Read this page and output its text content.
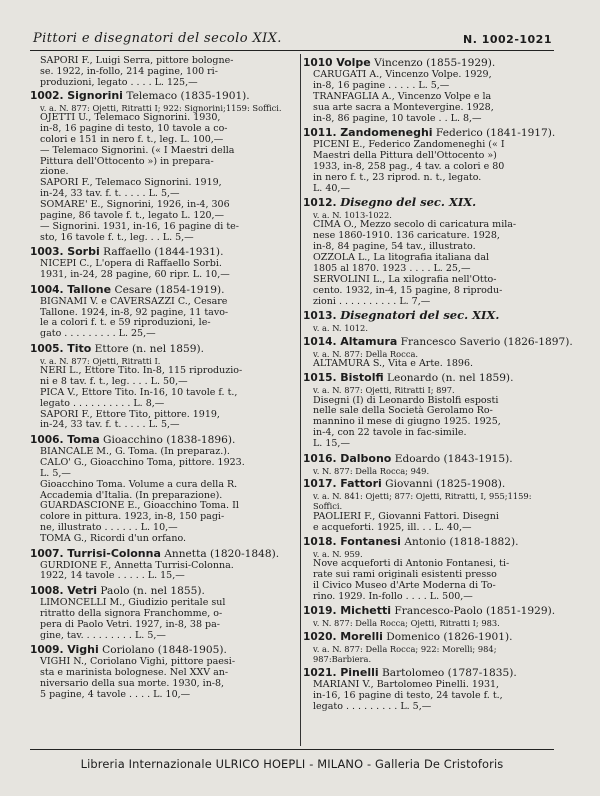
Pittori e disegnatori del secolo XIX.	N. 1002-1021
SAPORI F., Luigi Serra, pittore bologne-
se. 1922, in-follo, 214 pagine, 100 ri-
produzioni, legato . . . . L. 125,—
1002. Signorini Telemaco (1835-1901).
v. a. N. 877: Ojetti, Ritratti I; 922: Signorini;1159: Soffici.
OJETTI U., Telemaco Signorini. 1930,
in-8, 16 pagine di testo, 10 tavole a co-
colori e 151 in nero f. t., leg. L. 100,—
— Telemaco Signorini. (« I Maestri della
Pittura dell'Ottocento ») in prepara-
zione.
SAPORI F., Telemaco Signorini. 1919,
in-24, 33 tav. f. t. . . . . L. 5,—
SOMARE' E., Signorini, 1926, in-4, 306
pagine, 86 tavole f. t., legato L. 120,—
— Signorini. 1931, in-16, 16 pagine di te-
sto, 16 tavole f. t., leg. . . L. 5,—
1003. Sorbi Raffaello (1844-1931).
NICEPI C., L'opera di Raffaello Sorbi.
1931, in-24, 28 pagine, 60 ripr. L. 10,—
1004. Tallone Cesare (1854-1919).
BIGNAMI V. e CAVERSAZZI C., Cesare
Tallone. 1924, in-8, 92 pagine, 11 tavo-
le a colori f. t. e 59 riproduzioni, le-
gato . . . . . . . . . L. 25,—
1005. Tito Ettore (n. nel 1859).
v. a. N. 877: Ojetti, Ritratti I.
NERI L., Ettore Tito. In-8, 115 riproduzio-
ni e 8 tav. f. t., leg. . . . L. 50,—
PICA V., Ettore Tito. In-16, 10 tavole f. t.,
legato . . . . . . . . . . L. 8,—
SAPORI F., Ettore Tito, pittore. 1919,
in-24, 33 tav. f. t. . . . . L. 5,—
1006. Toma Gioacchino (1838-1896).
BIANCALE M., G. Toma. (In preparaz.).
CALO' G., Gioacchino Toma, pittore. 1923.
L. 5,—
Gioacchino Toma. Volume a cura della R.
Accademia d'Italia. (In preparazione).
GUARDASCIONE E., Gioacchino Toma. Il
colore in pittura. 1923, in-8, 150 pagi-
ne, illustrato . . . . . . L. 10,—
TOMA G., Ricordi d'un orfano.
1007. Turrisi-Colonna Annetta (1820-1848).
GURDIONE F., Annetta Turrisi-Colonna.
1922, 14 tavole . . . . . L. 15,—
1008. Vetri Paolo (n. nel 1855).
LIMONCELLI M., Giudizio peritale sul
ritratto della signora Franchomme, o-
pera di Paolo Vetri. 1927, in-8, 38 pa-
gine, tav. . . . . . . . . L. 5,—
1009. Vighi Coriolano (1848-1905).
VIGHI N., Coriolano Vighi, pittore paesi-
sta e marinista bolognese. Nel XXV an-
niversario della sua morte. 1930, in-8,
5 pagine, 4 tavole . . . . L. 10,—
1010 Volpe Vincenzo (1855-1929).
CARUGATI A., Vincenzo Volpe. 1929,
in-8, 16 pagine . . . . . L. 5,—
TRANFAGLIA A., Vincenzo Volpe e la
sua arte sacra a Montevergine. 1928,
in-8, 86 pagine, 10 tavole . . L. 8,—
1011. Zandomeneghi Federico (1841-1917).
PICENI E., Federico Zandomeneghi (« I
Maestri della Pittura dell'Ottocento »)
1933, in-8, 258 pag., 4 tav. a colori e 80
in nero f. t., 23 riprod. n. t., legato.
L. 40,—
1012. Disegno del sec. XIX.
v. a. N. 1013-1022.
CIMA O., Mezzo secolo di caricatura mila-
nese 1860-1910. 136 caricature. 1928,
in-8, 84 pagine, 54 tav., illustrato.
OZZOLA L., La litografia italiana dal
1805 al 1870. 1923 . . . . L. 25,—
SERVOLINI L., La xilografia nell'Otto-
cento. 1932, in-4, 15 pagine, 8 riprodu-
zioni . . . . . . . . . . L. 7,—
1013. Disegnatori del sec. XIX.
v. a. N. 1012.
1014. Altamura Francesco Saverio (1826-1897).
v. a. N. 877: Della Rocca.
ALTAMURA S., Vita e Arte. 1896.
1015. Bistolfi Leonardo (n. nel 1859).
v. a. N. 877: Ojetti, Ritratti I; 897.
Disegni (I) di Leonardo Bistolfi esposti
nelle sale della Società Gerolamo Ro-
mannino il mese di giugno 1925. 1925,
in-4, con 22 tavole in fac-simile.
L. 15,—
1016. Dalbono Edoardo (1843-1915).
v. N. 877: Della Rocca; 949.
1017. Fattori Giovanni (1825-1908).
v. a. N. 841: Ojetti; 877: Ojetti, Ritratti, I, 955;1159: Soffici.
PAOLIERI F., Giovanni Fattori. Disegni
e acqueforti. 1925, ill. . . L. 40,—
1018. Fontanesi Antonio (1818-1882).
v. a. N. 959.
Nove acqueforti di Antonio Fontanesi, ti-
rate sui rami originali esistenti presso
il Civico Museo d'Arte Moderna di To-
rino. 1929. In-follo . . . . L. 500,—
1019. Michetti Francesco-Paolo (1851-1929).
v. N. 877: Della Rocca; Ojetti, Ritratti I; 983.
1020. Morelli Domenico (1826-1901).
v. a. N. 877: Della Rocca; 922: Morelli; 984; 987:Barbiera.
1021. Pinelli Bartolomeo (1787-1835).
MARIANI V., Bartolomeo Pinelli. 1931,
in-16, 16 pagine di testo, 24 tavole f. t.,
legato . . . . . . . . . L. 5,—
Libreria Internazionale ULRICO HOEPLI - MILANO - Galleria De Cristoforis
